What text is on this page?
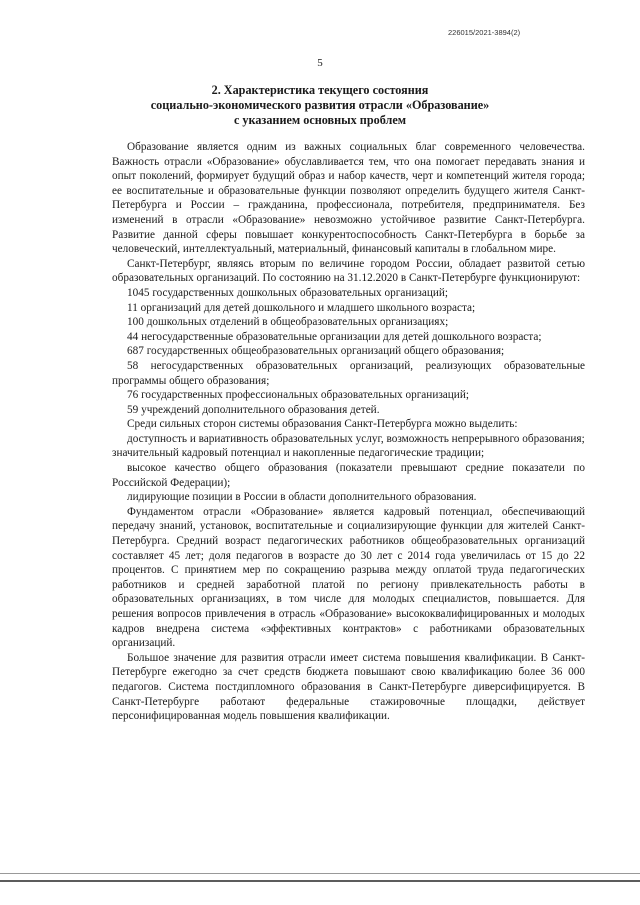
226015/2021-3894(2)
5
2. Характеристика текущего состояния
социально-экономического развития отрасли «Образование»
с указанием основных проблем

Образование является одним из важных социальных благ современного человечества. Важность отрасли «Образование» обуславливается тем, что она помогает передавать знания и опыт поколений, формирует будущий образ и набор качеств, черт и компетенций жителя города; ее воспитательные и образовательные функции позволяют определить будущего жителя Санкт-Петербурга и России – гражданина, профессионала, потребителя, предпринимателя. Без изменений в отрасли «Образование» невозможно устойчивое развитие Санкт-Петербурга. Развитие данной сферы повышает конкурентоспособность Санкт-Петербурга в борьбе за человеческий, интеллектуальный, материальный, финансовый капиталы в глобальном мире.

Санкт-Петербург, являясь вторым по величине городом России, обладает развитой сетью образовательных организаций. По состоянию на 31.12.2020 в Санкт-Петербурге функционируют:

1045 государственных дошкольных образовательных организаций;

11 организаций для детей дошкольного и младшего школьного возраста;

100 дошкольных отделений в общеобразовательных организациях;

44 негосударственные образовательные организации для детей дошкольного возраста;

687 государственных общеобразовательных организаций общего образования;

58 негосударственных образовательных организаций, реализующих образовательные программы общего образования;

76 государственных профессиональных образовательных организаций;

59 учреждений дополнительного образования детей.

Среди сильных сторон системы образования Санкт-Петербурга можно выделить:

доступность и вариативность образовательных услуг, возможность непрерывного образования;

значительный кадровый потенциал и накопленные педагогические традиции;

высокое качество общего образования (показатели превышают средние показатели по Российской Федерации);

лидирующие позиции в России в области дополнительного образования.

Фундаментом отрасли «Образование» является кадровый потенциал, обеспечивающий передачу знаний, установок, воспитательные и социализирующие функции для жителей Санкт-Петербурга. Средний возраст педагогических работников общеобразовательных организаций составляет 45 лет; доля педагогов в возрасте до 30 лет с 2014 года увеличилась от 15 до 22 процентов. С принятием мер по сокращению разрыва между оплатой труда педагогических работников и средней заработной платой по региону привлекательность работы в образовательных организациях, в том числе для молодых специалистов, повышается. Для решения вопросов привлечения в отрасль «Образование» высококвалифицированных и молодых кадров внедрена система «эффективных контрактов» с работниками образовательных организаций.

Большое значение для развития отрасли имеет система повышения квалификации. В Санкт-Петербурге ежегодно за счет средств бюджета повышают свою квалификацию более 36 000 педагогов. Система постдипломного образования в Санкт-Петербурге диверсифицируется. В Санкт-Петербурге работают федеральные стажировочные площадки, действует персонифицированная модель повышения квалификации.
